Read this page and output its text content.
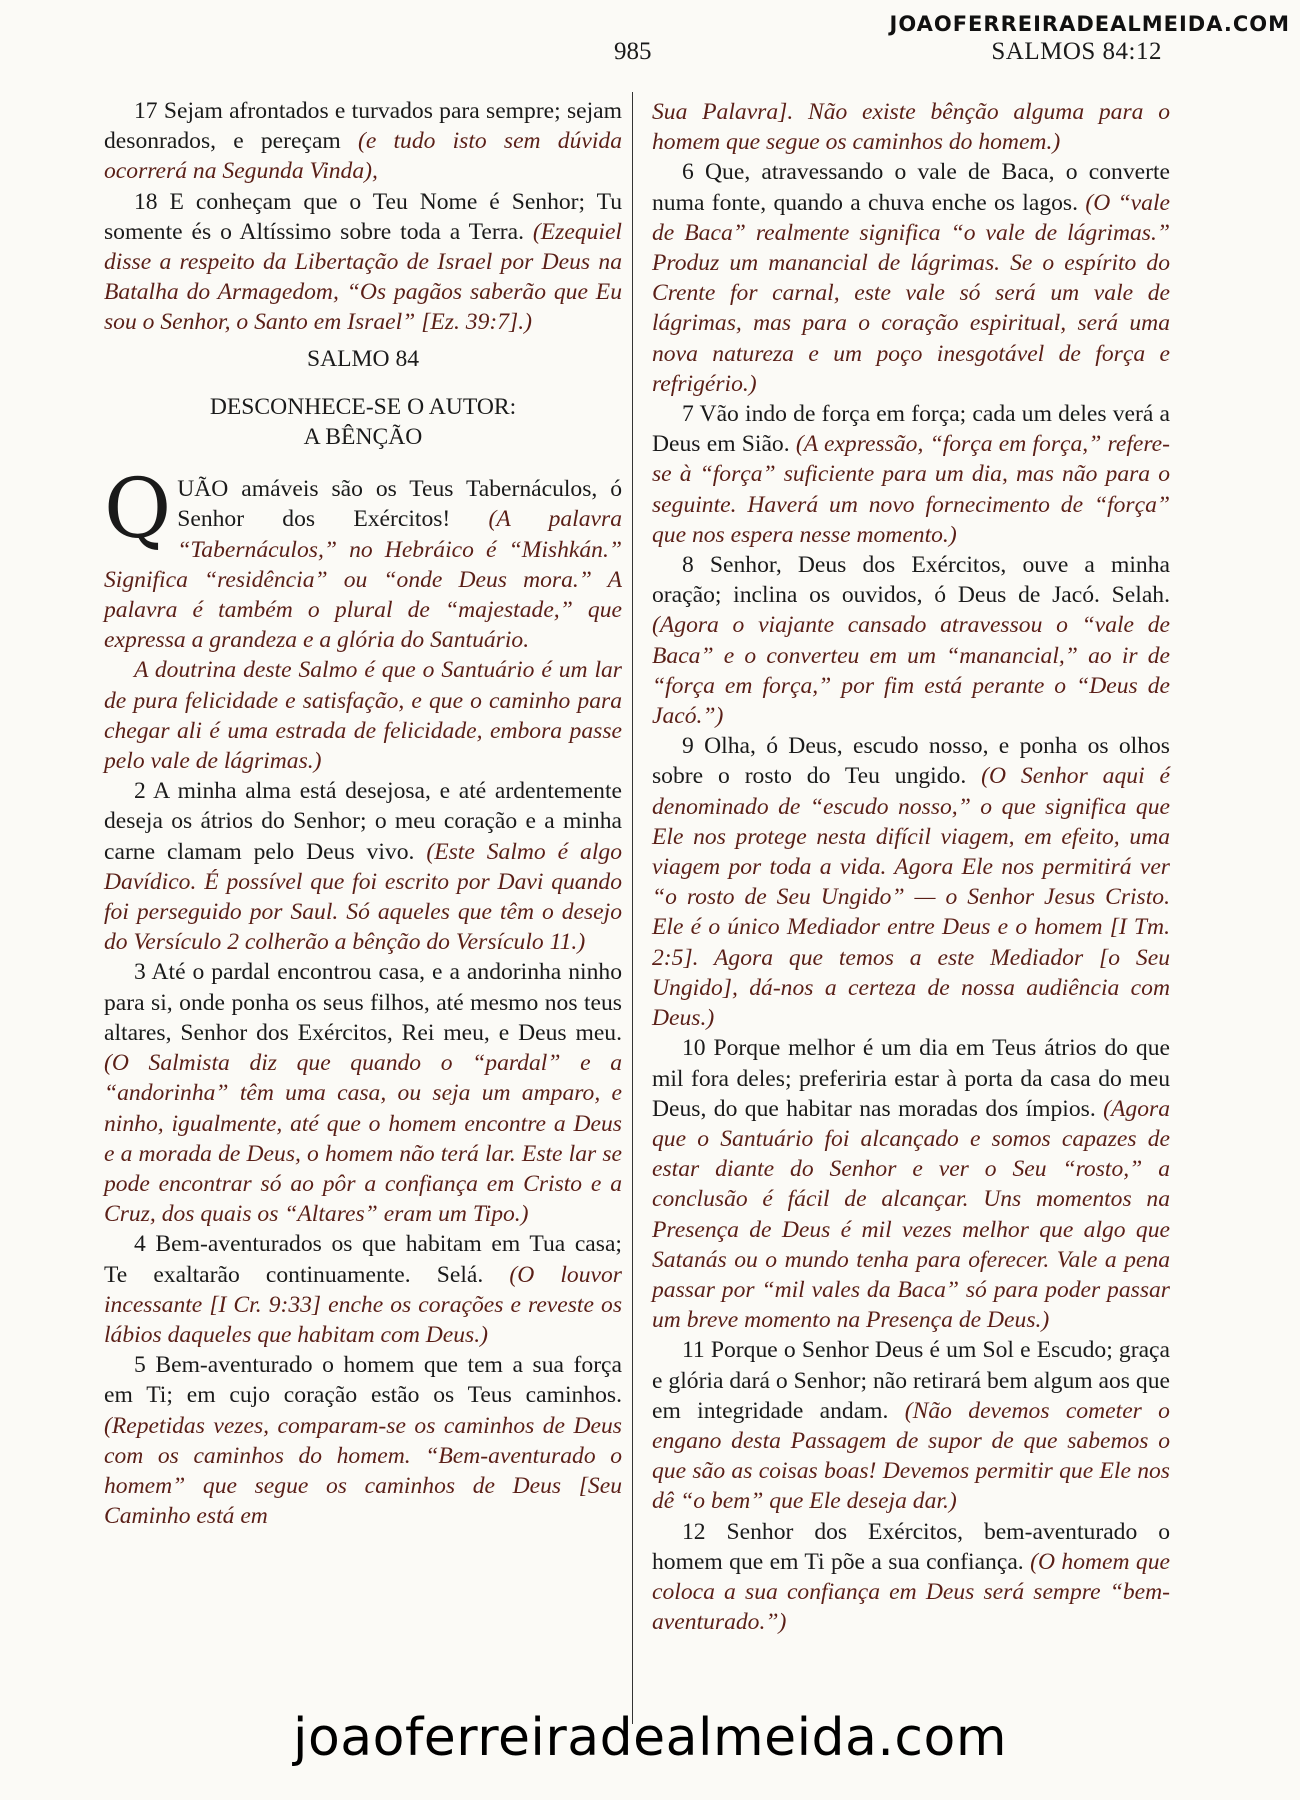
JOAOFERREIRADEALMEIDA.COM
985	SALMOS 84:12

17 Sejam afrontados e turvados para sempre; sejam desonrados, e pereçam (e tudo isto sem dúvida ocorrerá na Segunda Vinda),

18 E conheçam que o Teu Nome é Senhor; Tu somente és o Altíssimo sobre toda a Terra. (Ezequiel disse a respeito da Libertação de Israel por Deus na Batalha do Armagedom, “Os pagãos saberão que Eu sou o Senhor, o Santo em Israel” [Ez. 39:7].)

SALMO 84

DESCONHECE-SE O AUTOR:

A BÊNÇÃO

QUÃO amáveis são os Teus Tabernáculos, ó Senhor dos Exércitos! (A palavra “Tabernáculos,” no Hebráico é “Mishkán.” Significa “residência” ou “onde Deus mora.” A palavra é também o plural de “majestade,” que expressa a grandeza e a glória do Santuário.

A doutrina deste Salmo é que o Santuário é um lar de pura felicidade e satisfação, e que o caminho para chegar ali é uma estrada de felicidade, embora passe pelo vale de lágrimas.)

2 A minha alma está desejosa, e até ardentemente deseja os átrios do Senhor; o meu coração e a minha carne clamam pelo Deus vivo. (Este Salmo é algo Davídico. É possível que foi escrito por Davi quando foi perseguido por Saul. Só aqueles que têm o desejo do Versículo 2 colherão a bênção do Versículo 11.)

3 Até o pardal encontrou casa, e a andorinha ninho para si, onde ponha os seus filhos, até mesmo nos teus altares, Senhor dos Exércitos, Rei meu, e Deus meu. (O Salmista diz que quando o “pardal” e a “andorinha” têm uma casa, ou seja um amparo, e ninho, igualmente, até que o homem encontre a Deus e a morada de Deus, o homem não terá lar. Este lar se pode encontrar só ao pôr a confiança em Cristo e a Cruz, dos quais os “Altares” eram um Tipo.)

4 Bem-aventurados os que habitam em Tua casa; Te exaltarão continuamente. Selá. (O louvor incessante [I Cr. 9:33] enche os corações e reveste os lábios daqueles que habitam com Deus.)

5 Bem-aventurado o homem que tem a sua força em Ti; em cujo coração estão os Teus caminhos. (Repetidas vezes, comparam-se os caminhos de Deus com os caminhos do homem. “Bem-aventurado o homem” que segue os caminhos de Deus [Seu Caminho está em

Sua Palavra]. Não existe bênção alguma para o homem que segue os caminhos do homem.)

6 Que, atravessando o vale de Baca, o converte numa fonte, quando a chuva enche os lagos. (O “vale de Baca” realmente significa “o vale de lágrimas.” Produz um manancial de lágrimas. Se o espírito do Crente for carnal, este vale só será um vale de lágrimas, mas para o coração espiritual, será uma nova natureza e um poço inesgotável de força e refrigério.)

7 Vão indo de força em força; cada um deles verá a Deus em Sião. (A expressão, “força em força,” refere-se à “força” suficiente para um dia, mas não para o seguinte. Haverá um novo fornecimento de “força” que nos espera nesse momento.)

8 Senhor, Deus dos Exércitos, ouve a minha oração; inclina os ouvidos, ó Deus de Jacó. Selah. (Agora o viajante cansado atravessou o “vale de Baca” e o converteu em um “manancial,” ao ir de “força em força,” por fim está perante o “Deus de Jacó.”)

9 Olha, ó Deus, escudo nosso, e ponha os olhos sobre o rosto do Teu ungido. (O Senhor aqui é denominado de “escudo nosso,” o que significa que Ele nos protege nesta difícil viagem, em efeito, uma viagem por toda a vida. Agora Ele nos permitirá ver “o rosto de Seu Ungido” — o Senhor Jesus Cristo. Ele é o único Mediador entre Deus e o homem [I Tm. 2:5]. Agora que temos a este Mediador [o Seu Ungido], dá-nos a certeza de nossa audiência com Deus.)

10 Porque melhor é um dia em Teus átrios do que mil fora deles; preferiria estar à porta da casa do meu Deus, do que habitar nas moradas dos ímpios. (Agora que o Santuário foi alcançado e somos capazes de estar diante do Senhor e ver o Seu “rosto,” a conclusão é fácil de alcançar. Uns momentos na Presença de Deus é mil vezes melhor que algo que Satanás ou o mundo tenha para oferecer. Vale a pena passar por “mil vales da Baca” só para poder passar um breve momento na Presença de Deus.)

11 Porque o Senhor Deus é um Sol e Escudo; graça e glória dará o Senhor; não retirará bem algum aos que em integridade andam. (Não devemos cometer o engano desta Passagem de supor de que sabemos o que são as coisas boas! Devemos permitir que Ele nos dê “o bem” que Ele deseja dar.)

12 Senhor dos Exércitos, bem-aventurado o homem que em Ti põe a sua confiança. (O homem que coloca a sua confiança em Deus será sempre “bem-aventurado.”)

joaoferreiradealmeida.com
